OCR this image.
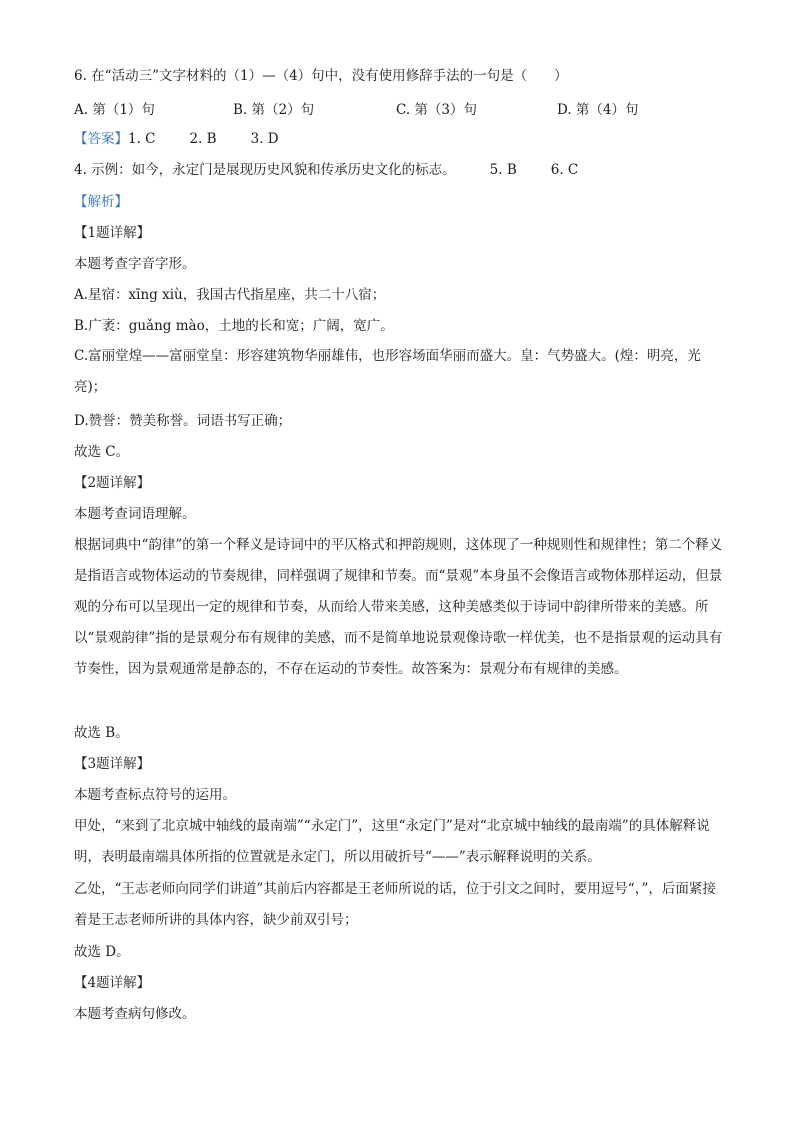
6. 在“活动三”文字材料的（1）—（4）句中，没有使用修辞手法的一句是（　　）
A. 第（1）句	B. 第（2）句	C. 第（3）句	D. 第（4）句
【答案】1. C	2. B	3. D
4. 示例：如今，永定门是展现历史风貌和传承历史文化的标志。	5. B	6. C
【解析】
【1题详解】
本题考查字音字形。
A.星宿：xīng xiù，我国古代指星座，共二十八宿；
B.广袤：guǎng mào，土地的长和宽；广阔，宽广。
C.富丽堂煌——富丽堂皇：形容建筑物华丽雄伟，也形容场面华丽而盛大。皇：气势盛大。(煌：明亮，光亮)；
D.赞誉：赞美称誉。词语书写正确；
故选 C。
【2题详解】
本题考查词语理解。
根据词典中“韵律”的第一个释义是诗词中的平仄格式和押韵规则，这体现了一种规则性和规律性；第二个释义是指语言或物体运动的节奏规律，同样强调了规律和节奏。而“景观”本身虽不会像语言或物体那样运动，但景观的分布可以呈现出一定的规律和节奏，从而给人带来美感，这种美感类似于诗词中韵律所带来的美感。所以“景观韵律”指的是景观分布有规律的美感，而不是简单地说景观像诗歌一样优美，也不是指景观的运动具有节奏性，因为景观通常是静态的，不存在运动的节奏性。故答案为：景观分布有规律的美感。
故选 B。
【3题详解】
本题考查标点符号的运用。
甲处，“来到了北京城中轴线的最南端”“永定门”，这里“永定门”是对“北京城中轴线的最南端”的具体解释说明，表明最南端具体所指的位置就是永定门，所以用破折号“——”表示解释说明的关系。
乙处，“王志老师向同学们讲道”其前后内容都是王老师所说的话，位于引文之间时，要用逗号“，”，后面紧接着是王志老师所讲的具体内容，缺少前双引号；
故选 D。
【4题详解】
本题考查病句修改。
